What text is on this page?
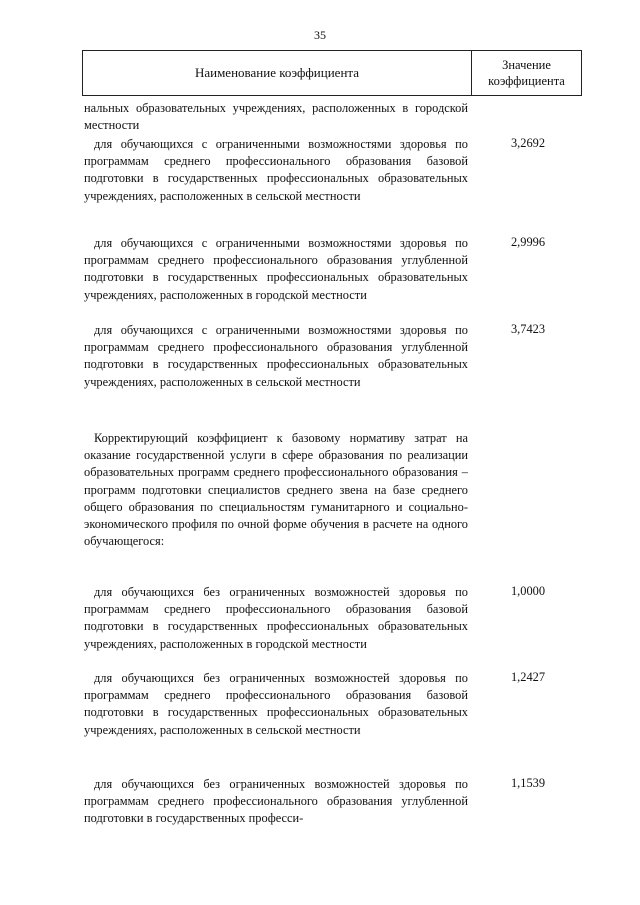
35
Наименование коэффициента	Значение
коэффициента

нальных образовательных учреждениях, расположенных в городской местности

для обучающихся с ограниченными возможностями здоровья по программам среднего профессионального образования базовой подготовки в государственных профессиональных образовательных учреждениях, расположенных в сельской местности

3,2692

для обучающихся с ограниченными возможностями здоровья по программам среднего профессионального образования углубленной подготовки в государственных профессиональных образовательных учреждениях, расположенных в городской местности

2,9996

для обучающихся с ограниченными возможностями здоровья по программам среднего профессионального образования углубленной подготовки в государственных профессиональных образовательных учреждениях, расположенных в сельской местности

3,7423

Корректирующий коэффициент к базовому нормативу затрат на оказание государственной услуги в сфере образования по реализации образовательных программ среднего профессионального образования – программ подготовки специалистов среднего звена на базе среднего общего образования по специальностям гуманитарного и социально-экономического профиля по очной форме обучения в расчете на одного обучающегося:

для обучающихся без ограниченных возможностей здоровья по программам среднего профессионального образования базовой подготовки в государственных профессиональных образовательных учреждениях, расположенных в городской местности

1,0000

для обучающихся без ограниченных возможностей здоровья по программам среднего профессионального образования базовой подготовки в государственных профессиональных образовательных учреждениях, расположенных в сельской местности

1,2427

для обучающихся без ограниченных возможностей здоровья по программам среднего профессионального образования углубленной подготовки в государственных професси-

1,1539
